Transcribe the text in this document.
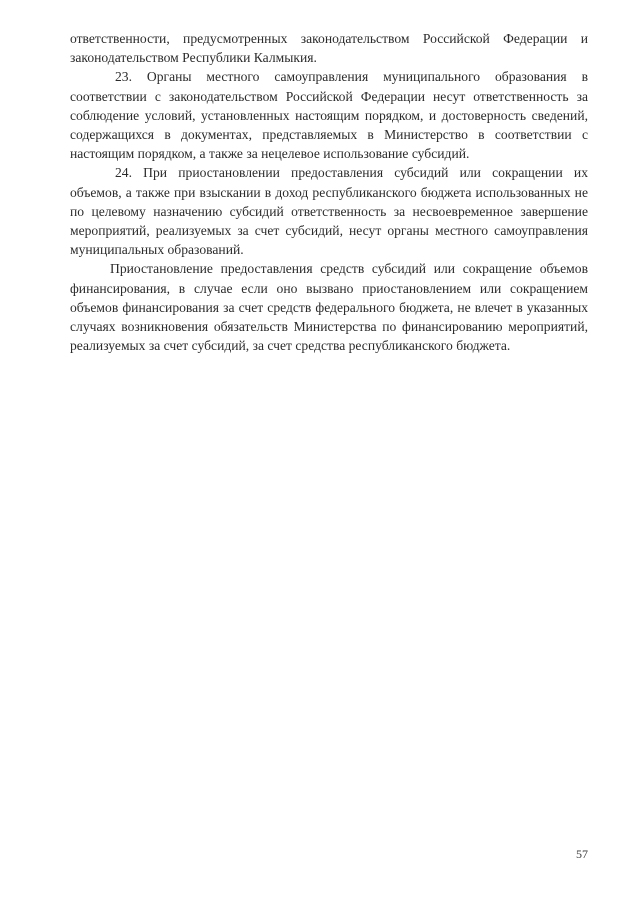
ответственности, предусмотренных законодательством Российской Федерации и законодательством Республики Калмыкия.

23. Органы местного самоуправления муниципального образования в соответствии с законодательством Российской Федерации несут ответственность за соблюдение условий, установленных настоящим порядком, и достоверность сведений, содержащихся в документах, представляемых в Министерство в соответствии с настоящим порядком, а также за нецелевое использование субсидий.

24. При приостановлении предоставления субсидий или сокращении их объемов, а также при взыскании в доход республиканского бюджета использованных не по целевому назначению субсидий ответственность за несвоевременное завершение мероприятий, реализуемых за счет субсидий, несут органы местного самоуправления муниципальных образований.

Приостановление предоставления средств субсидий или сокращение объемов финансирования, в случае если оно вызвано приостановлением или сокращением объемов финансирования за счет средств федерального бюджета, не влечет в указанных случаях возникновения обязательств Министерства по финансированию мероприятий, реализуемых за счет субсидий, за счет средства республиканского бюджета.

57
